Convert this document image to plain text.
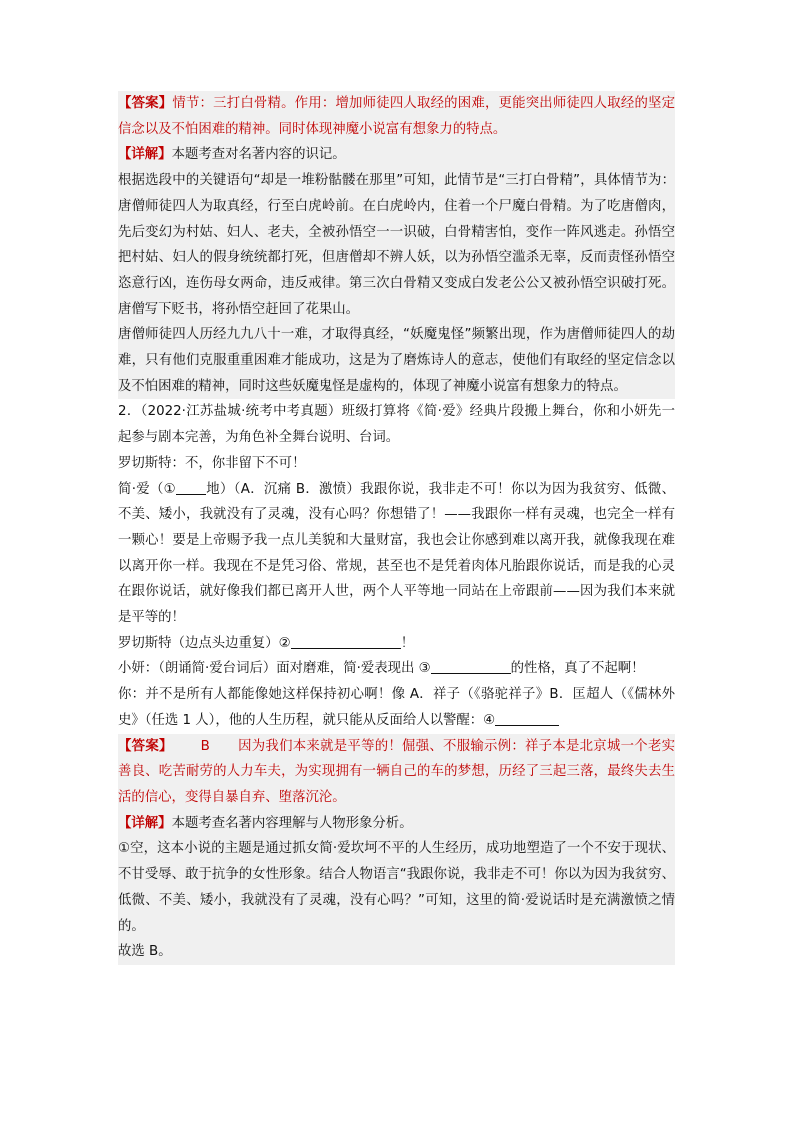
【答案】情节：三打白骨精。作用：增加师徒四人取经的困难，更能突出师徒四人取经的坚定信念以及不怕困难的精神。同时体现神魔小说富有想象力的特点。

【详解】本题考查对名著内容的识记。

根据选段中的关键语句“却是一堆粉骷髅在那里”可知，此情节是“三打白骨精”，具体情节为：唐僧师徒四人为取真经，行至白虎岭前。在白虎岭内，住着一个尸魔白骨精。为了吃唐僧肉，先后变幻为村姑、妇人、老夫，全被孙悟空一一识破，白骨精害怕，变作一阵风逃走。孙悟空把村姑、妇人的假身统统都打死，但唐僧却不辨人妖，以为孙悟空滥杀无辜，反而责怪孙悟空恣意行凶，连伤母女两命，违反戒律。第三次白骨精又变成白发老公公又被孙悟空识破打死。唐僧写下贬书，将孙悟空赶回了花果山。

唐僧师徒四人历经九九八十一难，才取得真经，“妖魔鬼怪”频繁出现，作为唐僧师徒四人的劫难，只有他们克服重重困难才能成功，这是为了磨炼诗人的意志，使他们有取经的坚定信念以及不怕困难的精神，同时这些妖魔鬼怪是虚构的，体现了神魔小说富有想象力的特点。

2．（2022·江苏盐城·统考中考真题）班级打算将《简·爱》经典片段搬上舞台，你和小妍先一起参与剧本完善，为角色补全舞台说明、台词。

罗切斯特：不，你非留下不可！

简·爱（① 地）（A．沉痛 B．激愤）我跟你说，我非走不可！你以为因为我贫穷、低微、不美、矮小，我就没有了灵魂，没有心吗？你想错了！——我跟你一样有灵魂，也完全一样有一颗心！要是上帝赐予我一点儿美貌和大量财富，我也会让你感到难以离开我，就像我现在难以离开你一样。我现在不是凭习俗、常规，甚至也不是凭着肉体凡胎跟你说话，而是我的心灵在跟你说话，就好像我们都已离开人世，两个人平等地一同站在上帝跟前——因为我们本来就是平等的！

罗切斯特（边点头边重复）②	！

小妍：（朗诵简·爱台词后）面对磨难，简·爱表现出 ③	的性格，真了不起啊！

你：并不是所有人都能像她这样保持初心啊！像 A．祥子（《骆驼祥子》B．匡超人（《儒林外史》（任选 1 人），他的人生历程，就只能从反面给人以警醒：④

【答案】 B 因为我们本来就是平等的！倔强、不服输示例：祥子本是北京城一个老实善良、吃苦耐劳的人力车夫，为实现拥有一辆自己的车的梦想，历经了三起三落，最终失去生活的信心，变得自暴自弃、堕落沉沦。

【详解】本题考查名著内容理解与人物形象分析。

①空，这本小说的主题是通过抓女简·爱坎坷不平的人生经历，成功地塑造了一个不安于现状、不甘受辱、敢于抗争的女性形象。结合人物语言“我跟你说，我非走不可！你以为因为我贫穷、低微、不美、矮小，我就没有了灵魂，没有心吗？”可知，这里的简·爱说话时是充满激愤之情的。

故选 B。
